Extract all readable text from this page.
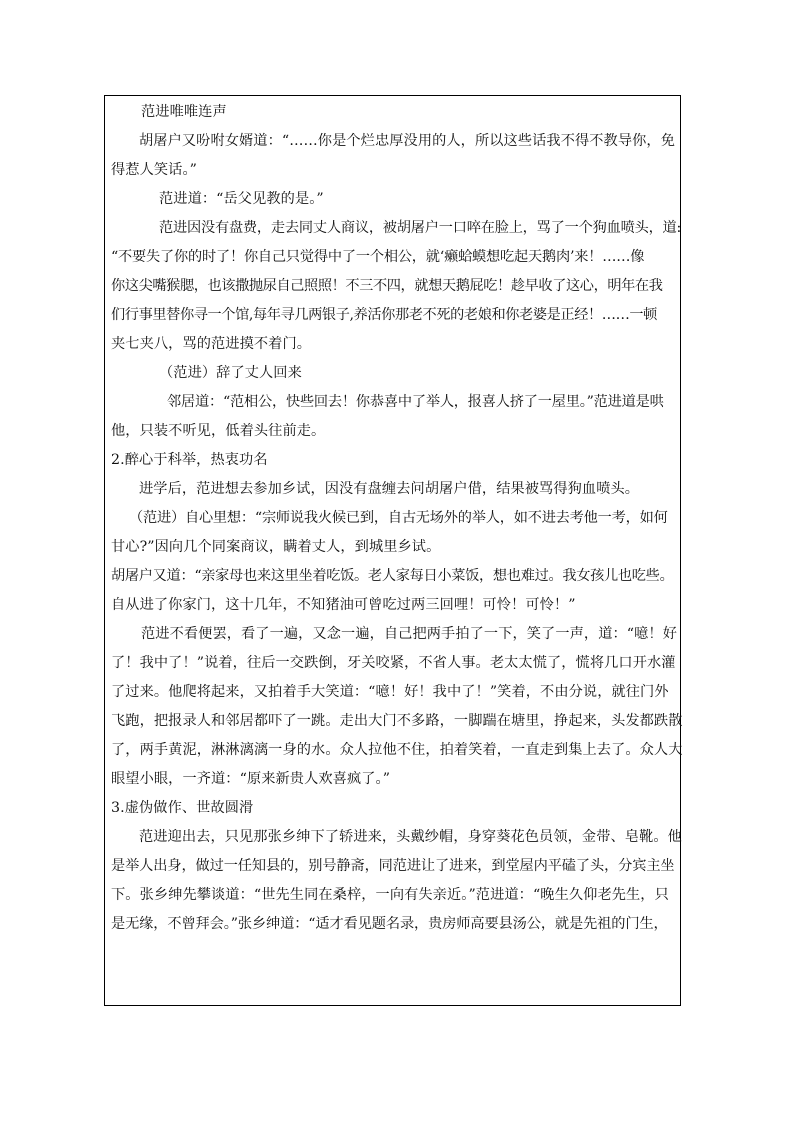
范进唯唯连声
胡屠户又吩咐女婿道：“……你是个烂忠厚没用的人，所以这些话我不得不教导你，免
得惹人笑话。”
范进道：“岳父见教的是。”
范进因没有盘费，走去同丈人商议，被胡屠户一口啐在脸上，骂了一个狗血喷头，道:
“不要失了你的时了！你自己只觉得中了一个相公，就‘癞蛤蟆想吃起天鹅肉’来！……像
你这尖嘴猴腮，也该撒抛尿自己照照！不三不四，就想天鹅屁吃！趁早收了这心，明年在我
们行事里替你寻一个馆,每年寻几两银子,养活你那老不死的老娘和你老婆是正经！……一顿
夹七夹八，骂的范进摸不着门。
（范进）辞了丈人回来
邻居道：“范相公，快些回去！你恭喜中了举人，报喜人挤了一屋里。”范进道是哄
他，只装不听见，低着头往前走。
2.醉心于科举，热衷功名
进学后，范进想去参加乡试，因没有盘缠去问胡屠户借，结果被骂得狗血喷头。
（范进）自心里想：“宗师说我火候已到，自古无场外的举人，如不进去考他一考，如何
甘心?”因向几个同案商议，瞒着丈人，到城里乡试。
胡屠户又道：“亲家母也来这里坐着吃饭。老人家每日小菜饭，想也难过。我女孩儿也吃些。
自从进了你家门，这十几年，不知猪油可曾吃过两三回哩！可怜！可怜！”
范进不看便罢，看了一遍，又念一遍，自己把两手拍了一下，笑了一声，道：“噫！好
了！我中了！”说着，往后一交跌倒，牙关咬紧，不省人事。老太太慌了，慌将几口开水灌
了过来。他爬将起来，又拍着手大笑道：“噫！好！我中了！”笑着，不由分说，就往门外
飞跑，把报录人和邻居都吓了一跳。走出大门不多路，一脚踹在塘里，挣起来，头发都跌散
了，两手黄泥，淋淋漓漓一身的水。众人拉他不住，拍着笑着，一直走到集上去了。众人大
眼望小眼，一齐道：“原来新贵人欢喜疯了。”
3.虚伪做作、世故圆滑
范进迎出去，只见那张乡绅下了轿进来，头戴纱帽，身穿葵花色员领，金带、皂靴。他
是举人出身，做过一任知县的，别号静斋，同范进让了进来，到堂屋内平磕了头，分宾主坐
下。张乡绅先攀谈道：“世先生同在桑梓，一向有失亲近。”范进道：“晚生久仰老先生，只
是无缘，不曾拜会。”张乡绅道：“适才看见题名录，贵房师高要县汤公，就是先祖的门生，
